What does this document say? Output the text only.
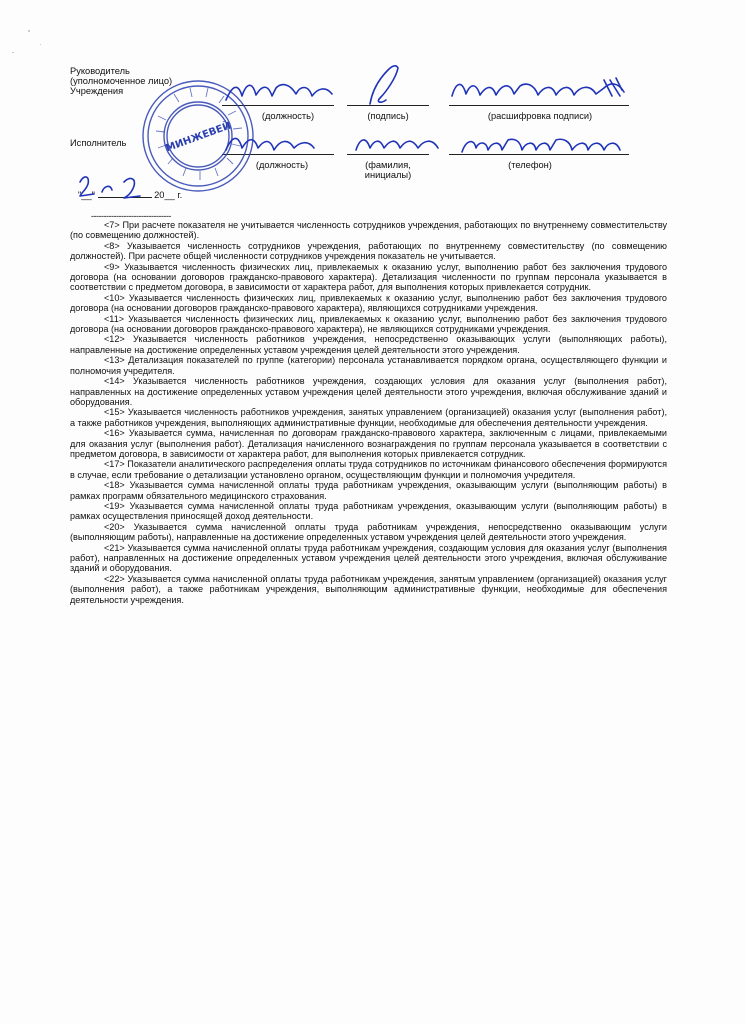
Руководитель
(уполномоченное лицо)
Учреждения
Исполнитель
(должность)	(подпись)	(расшифровка подписи)
(должность)	(фамилия,
инициалы)
(телефон)
"__"	20__ г.
МИНЖЕВЕЙ
--------------------------------

<7> При расчете показателя не учитывается численность сотрудников учреждения, работающих по внутреннему совместительству (по совмещению должностей).

<8> Указывается численность сотрудников учреждения, работающих по внутреннему совместительству (по совмещению должностей). При расчете общей численности сотрудников учреждения показатель не учитывается.

<9> Указывается численность физических лиц, привлекаемых к оказанию услуг, выполнению работ без заключения трудового договора (на основании договоров гражданско-правового характера). Детализация численности по группам персонала указывается в соответствии с предметом договора, в зависимости от характера работ, для выполнения которых привлекается сотрудник.

<10> Указывается численность физических лиц, привлекаемых к оказанию услуг, выполнению работ без заключения трудового договора (на основании договоров гражданско-правового характера), являющихся сотрудниками учреждения.

<11> Указывается численность физических лиц, привлекаемых к оказанию услуг, выполнению работ без заключения трудового договора (на основании договоров гражданско-правового характера), не являющихся сотрудниками учреждения.

<12> Указывается численность работников учреждения, непосредственно оказывающих услуги (выполняющих работы), направленные на достижение определенных уставом учреждения целей деятельности этого учреждения.

<13> Детализация показателей по группе (категории) персонала устанавливается порядком органа, осуществляющего функции и полномочия учредителя.

<14> Указывается численность работников учреждения, создающих условия для оказания услуг (выполнения работ), направленных на достижение определенных уставом учреждения целей деятельности этого учреждения, включая обслуживание зданий и оборудования.

<15> Указывается численность работников учреждения, занятых управлением (организацией) оказания услуг (выполнения работ), а также работников учреждения, выполняющих административные функции, необходимые для обеспечения деятельности учреждения.

<16> Указывается сумма, начисленная по договорам гражданско-правового характера, заключенным с лицами, привлекаемыми для оказания услуг (выполнения работ). Детализация начисленного вознаграждения по группам персонала указывается в соответствии с предметом договора, в зависимости от характера работ, для выполнения которых привлекается сотрудник.

<17> Показатели аналитического распределения оплаты труда сотрудников по источникам финансового обеспечения формируются в случае, если требование о детализации установлено органом, осуществляющим функции и полномочия учредителя.

<18> Указывается сумма начисленной оплаты труда работникам учреждения, оказывающим услуги (выполняющим работы) в рамках программ обязательного медицинского страхования.

<19> Указывается сумма начисленной оплаты труда работникам учреждения, оказывающим услуги (выполняющим работы) в рамках осуществления приносящей доход деятельности.

<20> Указывается сумма начисленной оплаты труда работникам учреждения, непосредственно оказывающим услуги (выполняющим работы), направленные на достижение определенных уставом учреждения целей деятельности этого учреждения.

<21> Указывается сумма начисленной оплаты труда работникам учреждения, создающим условия для оказания услуг (выполнения работ), направленных на достижение определенных уставом учреждения целей деятельности этого учреждения, включая обслуживание зданий и оборудования.

<22> Указывается сумма начисленной оплаты труда работникам учреждения, занятым управлением (организацией) оказания услуг (выполнения работ), а также работникам учреждения, выполняющим административные функции, необходимые для обеспечения деятельности учреждения.
